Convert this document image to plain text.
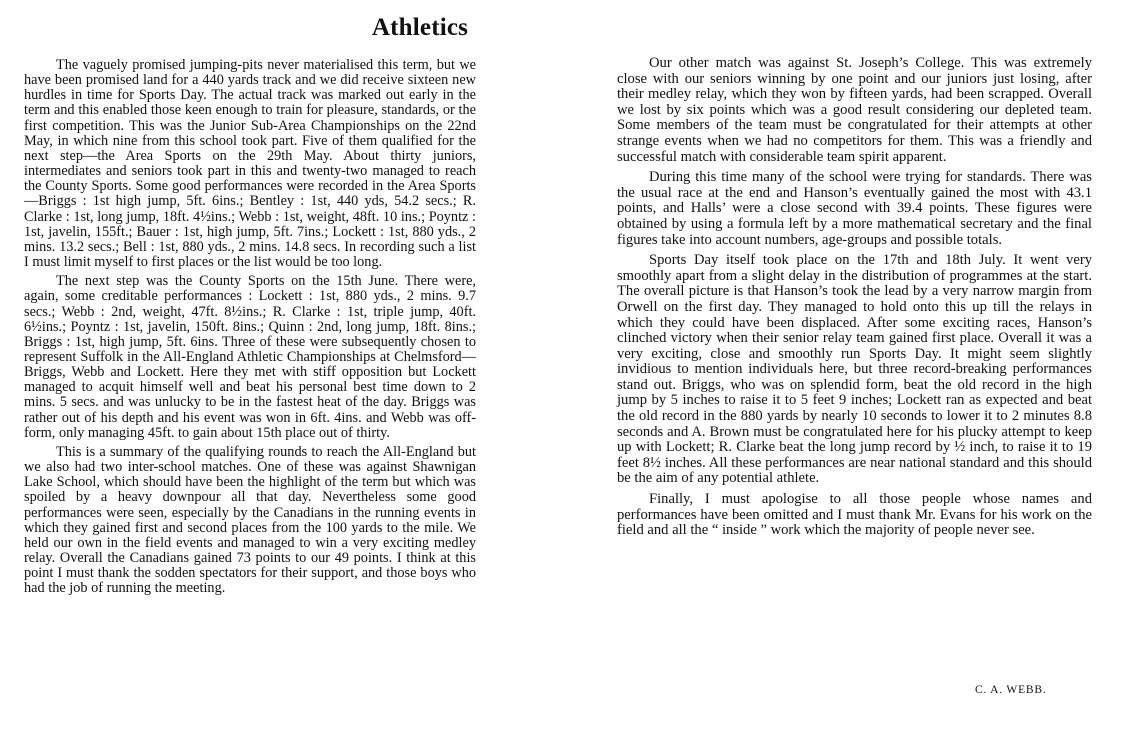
Athletics

The vaguely promised jumping-pits never materialised this term, but we have been promised land for a 440 yards track and we did receive sixteen new hurdles in time for Sports Day. The actual track was marked out early in the term and this enabled those keen enough to train for pleasure, standards, or the first competition. This was the Junior Sub-Area Championships on the 22nd May, in which nine from this school took part. Five of them qualified for the next step—the Area Sports on the 29th May. About thirty juniors, intermediates and seniors took part in this and twenty-two managed to reach the County Sports. Some good performances were recorded in the Area Sports—Briggs : 1st high jump, 5ft. 6ins.; Bentley : 1st, 440 yds, 54.2 secs.; R. Clarke : 1st, long jump, 18ft. 4½ins.; Webb : 1st, weight, 48ft. 10 ins.; Poyntz : 1st, javelin, 155ft.; Bauer : 1st, high jump, 5ft. 7ins.; Lockett : 1st, 880 yds., 2 mins. 13.2 secs.; Bell : 1st, 880 yds., 2 mins. 14.8 secs. In recording such a list I must limit myself to first places or the list would be too long.

The next step was the County Sports on the 15th June. There were, again, some creditable performances : Lockett : 1st, 880 yds., 2 mins. 9.7 secs.; Webb : 2nd, weight, 47ft. 8½ins.; R. Clarke : 1st, triple jump, 40ft. 6½ins.; Poyntz : 1st, javelin, 150ft. 8ins.; Quinn : 2nd, long jump, 18ft. 8ins.; Briggs : 1st, high jump, 5ft. 6ins. Three of these were subsequently chosen to represent Suffolk in the All-England Athletic Championships at Chelmsford—Briggs, Webb and Lockett. Here they met with stiff opposition but Lockett managed to acquit himself well and beat his personal best time down to 2 mins. 5 secs. and was unlucky to be in the fastest heat of the day. Briggs was rather out of his depth and his event was won in 6ft. 4ins. and Webb was off-form, only managing 45ft. to gain about 15th place out of thirty.

This is a summary of the qualifying rounds to reach the All-England but we also had two inter-school matches. One of these was against Shawnigan Lake School, which should have been the highlight of the term but which was spoiled by a heavy downpour all that day. Nevertheless some good performances were seen, especially by the Canadians in the running events in which they gained first and second places from the 100 yards to the mile. We held our own in the field events and managed to win a very exciting medley relay. Overall the Canadians gained 73 points to our 49 points. I think at this point I must thank the sodden spectators for their support, and those boys who had the job of running the meeting.

Our other match was against St. Joseph’s College. This was extremely close with our seniors winning by one point and our juniors just losing, after their medley relay, which they won by fifteen yards, had been scrapped. Overall we lost by six points which was a good result considering our depleted team. Some members of the team must be congratulated for their attempts at other strange events when we had no competitors for them. This was a friendly and successful match with considerable team spirit apparent.

During this time many of the school were trying for standards. There was the usual race at the end and Hanson’s eventually gained the most with 43.1 points, and Halls’ were a close second with 39.4 points. These figures were obtained by using a formula left by a more mathematical secretary and the final figures take into account numbers, age-groups and possible totals.

Sports Day itself took place on the 17th and 18th July. It went very smoothly apart from a slight delay in the distribution of programmes at the start. The overall picture is that Hanson’s took the lead by a very narrow margin from Orwell on the first day. They managed to hold onto this up till the relays in which they could have been displaced. After some exciting races, Hanson’s clinched victory when their senior relay team gained first place. Overall it was a very exciting, close and smoothly run Sports Day. It might seem slightly invidious to mention individuals here, but three record-breaking performances stand out. Briggs, who was on splendid form, beat the old record in the high jump by 5 inches to raise it to 5 feet 9 inches; Lockett ran as expected and beat the old record in the 880 yards by nearly 10 seconds to lower it to 2 minutes 8.8 seconds and A. Brown must be congratulated here for his plucky attempt to keep up with Lockett; R. Clarke beat the long jump record by ½ inch, to raise it to 19 feet 8½ inches. All these performances are near national standard and this should be the aim of any potential athlete.

Finally, I must apologise to all those people whose names and performances have been omitted and I must thank Mr. Evans for his work on the field and all the “ inside ” work which the majority of people never see.

C. A. WEBB.
